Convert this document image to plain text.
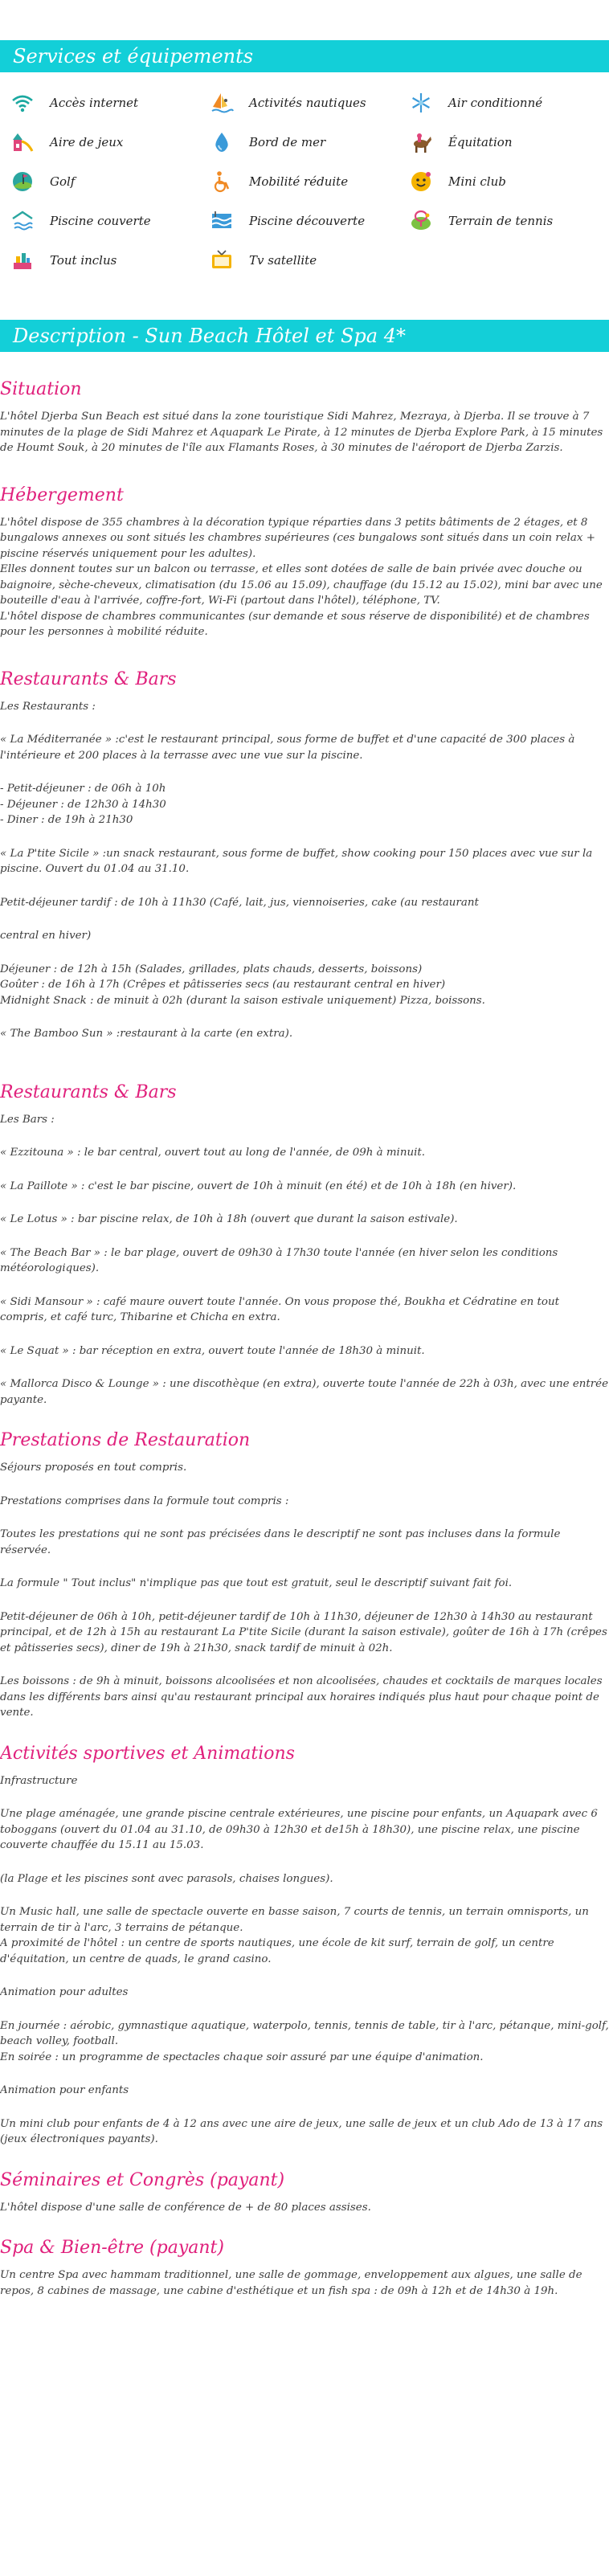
Services et équipements
Accès internet	Activités nautiques	Air conditionné
Aire de jeux	Bord de mer	Équitation
Golf	Mobilité réduite	Mini club
Piscine couverte	Piscine découverte	Terrain de tennis
Tout inclus	Tv satellite
Description - Sun Beach Hôtel et Spa 4*
Situation

L'hôtel Djerba Sun Beach est situé dans la zone touristique Sidi Mahrez, Mezraya, à Djerba. Il se trouve à 7 minutes de la plage de Sidi Mahrez et Aquapark Le Pirate, à 12 minutes de Djerba Explore Park, à 15 minutes de Houmt Souk, à 20 minutes de l'île aux Flamants Roses, à 30 minutes de l'aéroport de Djerba Zarzis.

Hébergement

L'hôtel dispose de 355 chambres à la décoration typique réparties dans 3 petits bâtiments de 2 étages, et 8 bungalows annexes ou sont situés les chambres supérieures (ces bungalows sont situés dans un coin relax + piscine réservés uniquement pour les adultes).
Elles donnent toutes sur un balcon ou terrasse, et elles sont dotées de salle de bain privée avec douche ou baignoire, sèche-cheveux, climatisation (du 15.06 au 15.09), chauffage (du 15.12 au 15.02), mini bar avec une bouteille d'eau à l'arrivée, coffre-fort, Wi-Fi (partout dans l'hôtel), téléphone, TV.
L'hôtel dispose de chambres communicantes (sur demande et sous réserve de disponibilité) et de chambres pour les personnes à mobilité réduite.

Restaurants & Bars

Les Restaurants :

« La Méditerranée » :c'est le restaurant principal, sous forme de buffet et d'une capacité de 300 places à l'intérieure et 200 places à la terrasse avec une vue sur la piscine.

- Petit-déjeuner : de 06h à 10h
- Déjeuner : de 12h30 à 14h30
- Diner : de 19h à 21h30

« La P'tite Sicile » :un snack restaurant, sous forme de buffet, show cooking pour 150 places avec vue sur la piscine. Ouvert du 01.04 au 31.10.

Petit-déjeuner tardif : de 10h à 11h30 (Café, lait, jus, viennoiseries, cake (au restaurant

central en hiver)

Déjeuner : de 12h à 15h (Salades, grillades, plats chauds, desserts, boissons)
Goûter : de 16h à 17h (Crêpes et pâtisseries secs (au restaurant central en hiver)
Midnight Snack : de minuit à 02h (durant la saison estivale uniquement) Pizza, boissons.

« The Bamboo Sun » :restaurant à la carte (en extra).

Restaurants & Bars

Les Bars :

« Ezzitouna » : le bar central, ouvert tout au long de l'année, de 09h à minuit.

« La Paillote » : c'est le bar piscine, ouvert de 10h à minuit (en été) et de 10h à 18h (en hiver).

« Le Lotus » : bar piscine relax, de 10h à 18h (ouvert que durant la saison estivale).

« The Beach Bar » : le bar plage, ouvert de 09h30 à 17h30 toute l'année (en hiver selon les conditions météorologiques).

« Sidi Mansour » : café maure ouvert toute l'année. On vous propose thé, Boukha et Cédratine en tout compris, et café turc, Thibarine et Chicha en extra.

« Le Squat » : bar réception en extra, ouvert toute l'année de 18h30 à minuit.

« Mallorca Disco & Lounge » : une discothèque (en extra), ouverte toute l'année de 22h à 03h, avec une entrée payante.

Prestations de Restauration

Séjours proposés en tout compris.

Prestations comprises dans la formule tout compris :

Toutes les prestations qui ne sont pas précisées dans le descriptif ne sont pas incluses dans la formule réservée.

La formule " Tout inclus" n'implique pas que tout est gratuit, seul le descriptif suivant fait foi.

Petit-déjeuner de 06h à 10h, petit-déjeuner tardif de 10h à 11h30, déjeuner de 12h30 à 14h30 au restaurant principal, et de 12h à 15h au restaurant La P'tite Sicile (durant la saison estivale), goûter de 16h à 17h (crêpes et pâtisseries secs), diner de 19h à 21h30, snack tardif de minuit à 02h.

Les boissons : de 9h à minuit, boissons alcoolisées et non alcoolisées, chaudes et cocktails de marques locales dans les différents bars ainsi qu'au restaurant principal aux horaires indiqués plus haut pour chaque point de vente.

Activités sportives et Animations

Infrastructure

Une plage aménagée, une grande piscine centrale extérieures, une piscine pour enfants, un Aquapark avec 6 toboggans (ouvert du 01.04 au 31.10, de 09h30 à 12h30 et de15h à 18h30), une piscine relax, une piscine couverte chauffée du 15.11 au 15.03.

(la Plage et les piscines sont avec parasols, chaises longues).

Un Music hall, une salle de spectacle ouverte en basse saison, 7 courts de tennis, un terrain omnisports, un terrain de tir à l'arc, 3 terrains de pétanque.
A proximité de l'hôtel : un centre de sports nautiques, une école de kit surf, terrain de golf, un centre d'équitation, un centre de quads, le grand casino.

Animation pour adultes

En journée : aérobic, gymnastique aquatique, waterpolo, tennis, tennis de table, tir à l'arc, pétanque, mini-golf, beach volley, football.
En soirée : un programme de spectacles chaque soir assuré par une équipe d'animation.

Animation pour enfants

Un mini club pour enfants de 4 à 12 ans avec une aire de jeux, une salle de jeux et un club Ado de 13 à 17 ans (jeux électroniques payants).

Séminaires et Congrès (payant)

L'hôtel dispose d'une salle de conférence de + de 80 places assises.

Spa & Bien-être (payant)

Un centre Spa avec hammam traditionnel, une salle de gommage, enveloppement aux algues, une salle de repos, 8 cabines de massage, une cabine d'esthétique et un fish spa : de 09h à 12h et de 14h30 à 19h.
